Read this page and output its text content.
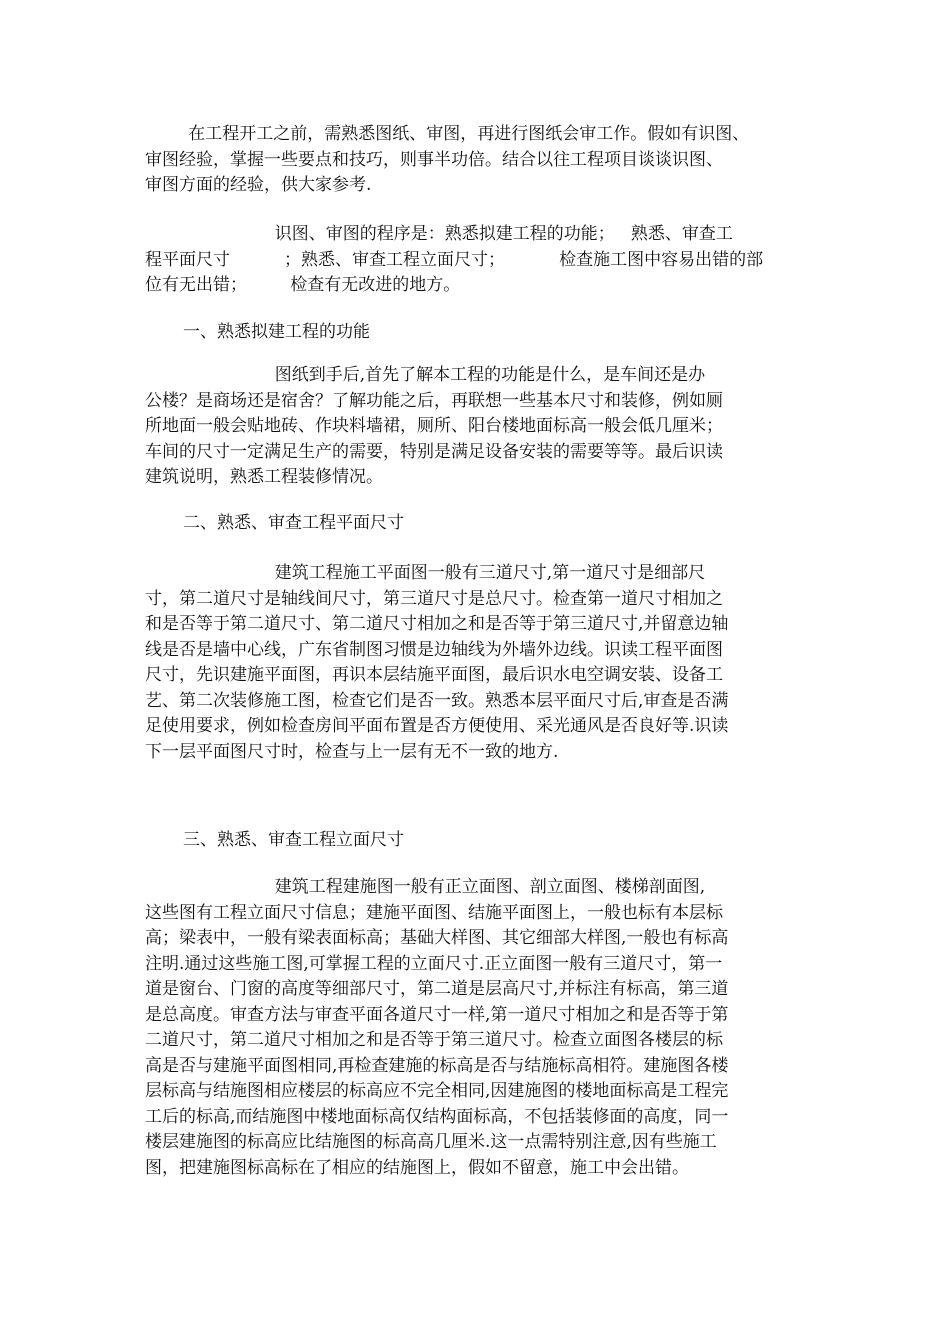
在工程开工之前，需熟悉图纸、审图，再进行图纸会审工作。假如有识图、
审图经验，掌握一些要点和技巧，则事半功倍。结合以往工程项目谈谈识图、
审图方面的经验，供大家参考.
识图、审图的程序是：熟悉拟建工程的功能；   熟悉、审查工
程平面尺寸          ；熟悉、审查工程立面尺寸；          检查施工图中容易出错的部
位有无出错；        检查有无改进的地方。
一、熟悉拟建工程的功能
图纸到手后,首先了解本工程的功能是什么，是车间还是办
公楼？是商场还是宿舍？了解功能之后，再联想一些基本尺寸和装修，例如厕
所地面一般会贴地砖、作块料墙裙，厕所、阳台楼地面标高一般会低几厘米；
车间的尺寸一定满足生产的需要，特别是满足设备安装的需要等等。最后识读
建筑说明，熟悉工程装修情况。
二、熟悉、审查工程平面尺寸
建筑工程施工平面图一般有三道尺寸,第一道尺寸是细部尺
寸，第二道尺寸是轴线间尺寸，第三道尺寸是总尺寸。检查第一道尺寸相加之
和是否等于第二道尺寸、第二道尺寸相加之和是否等于第三道尺寸,并留意边轴
线是否是墙中心线，广东省制图习惯是边轴线为外墙外边线。识读工程平面图
尺寸，先识建施平面图，再识本层结施平面图，最后识水电空调安装、设备工
艺、第二次装修施工图，检查它们是否一致。熟悉本层平面尺寸后,审查是否满
足使用要求，例如检查房间平面布置是否方便使用、采光通风是否良好等.识读
下一层平面图尺寸时，检查与上一层有无不一致的地方.
三、熟悉、审查工程立面尺寸
建筑工程建施图一般有正立面图、剖立面图、楼梯剖面图,
这些图有工程立面尺寸信息；建施平面图、结施平面图上，一般也标有本层标
高；梁表中，一般有梁表面标高；基础大样图、其它细部大样图,一般也有标高
注明.通过这些施工图,可掌握工程的立面尺寸.正立面图一般有三道尺寸，第一
道是窗台、门窗的高度等细部尺寸，第二道是层高尺寸,并标注有标高，第三道
是总高度。审查方法与审查平面各道尺寸一样,第一道尺寸相加之和是否等于第
二道尺寸，第二道尺寸相加之和是否等于第三道尺寸。检查立面图各楼层的标
高是否与建施平面图相同,再检查建施的标高是否与结施标高相符。建施图各楼
层标高与结施图相应楼层的标高应不完全相同,因建施图的楼地面标高是工程完
工后的标高,而结施图中楼地面标高仅结构面标高，不包括装修面的高度，同一
楼层建施图的标高应比结施图的标高高几厘米.这一点需特别注意,因有些施工
图，把建施图标高标在了相应的结施图上，假如不留意，施工中会出错。
